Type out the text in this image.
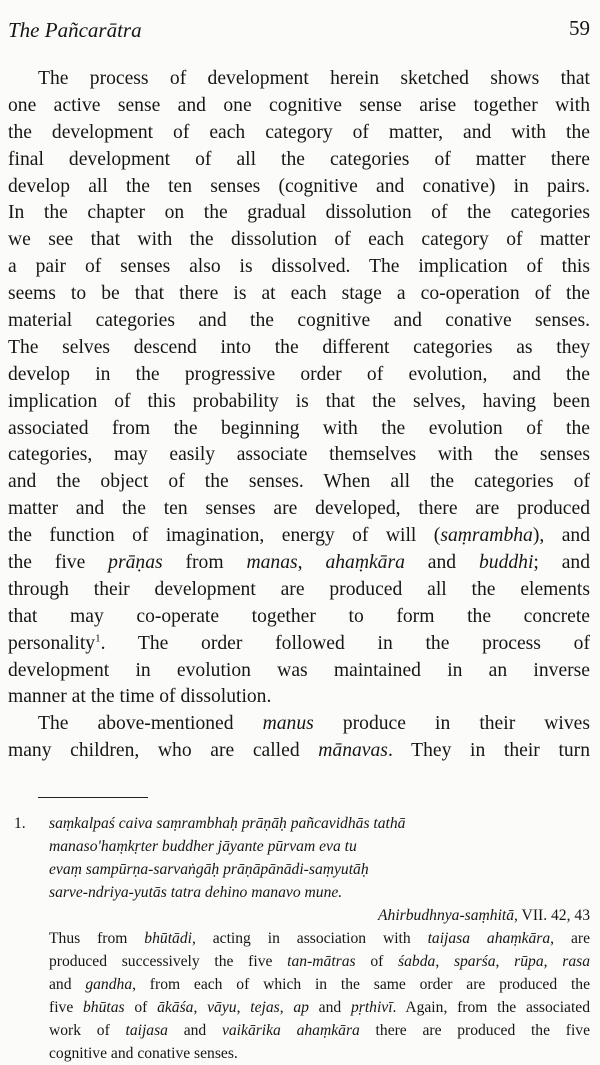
The Pañcarātra	59
The process of development herein sketched shows that
one active sense and one cognitive sense arise together with
the development of each category of matter, and with the
final development of all the categories of matter there
develop all the ten senses (cognitive and conative) in pairs.
In the chapter on the gradual dissolution of the categories
we see that with the dissolution of each category of matter
a pair of senses also is dissolved. The implication of this
seems to be that there is at each stage a co-operation of the
material categories and the cognitive and conative senses.
The selves descend into the different categories as they
develop in the progressive order of evolution, and the
implication of this probability is that the selves, having been
associated from the beginning with the evolution of the
categories, may easily associate themselves with the senses
and the object of the senses. When all the categories of
matter and the ten senses are developed, there are produced
the function of imagination, energy of will (saṃrambha), and
the five prāṇas from manas, ahaṃkāra and buddhi; and
through their development are produced all the elements
that may co-operate together to form the concrete
personality$^1$. The order followed in the process of
development in evolution was maintained in an inverse
manner at the time of dissolution.
The above-mentioned manus produce in their wives
many children, who are called mānavas. They in their turn
1. saṃkalpaś caiva saṃrambhaḥ prāṇāḥ pañcavidhās tathā
manaso'haṃkṛter buddher jāyante pūrvam eva tu
evaṃ sampūrṇa-sarvaṅgāḥ prāṇāpānādi-saṃyutāḥ
sarve-ndriya-yutās tatra dehino manavo mune.
Ahirbudhnya-saṃhitā, VII. 42, 43
Thus from bhūtādi, acting in association with taijasa ahaṃkāra, are
produced successively the five tan-mātras of śabda, sparśa, rūpa, rasa
and gandha, from each of which in the same order are produced the
five bhūtas of ākāśa, vāyu, tejas, ap and pṛthivī. Again, from the associated
work of taijasa and vaikārika ahaṃkāra there are produced the five
cognitive and conative senses.
